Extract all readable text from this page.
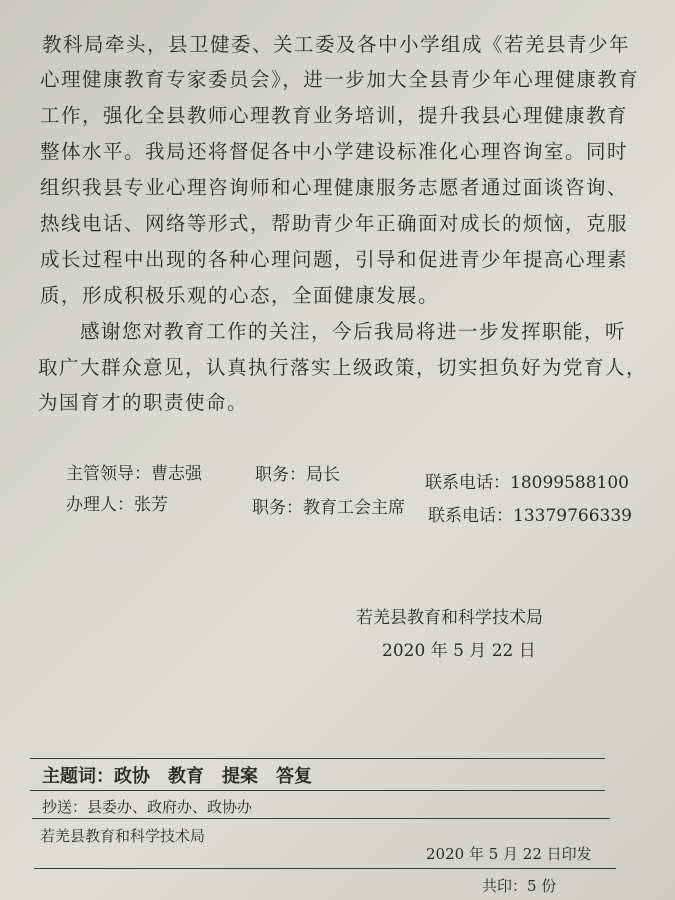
教科局牵头，县卫健委、关工委及各中小学组成《若羌县青少年
心理健康教育专家委员会》，进一步加大全县青少年心理健康教育
工作，强化全县教师心理教育业务培训，提升我县心理健康教育
整体水平。我局还将督促各中小学建设标准化心理咨询室。同时
组织我县专业心理咨询师和心理健康服务志愿者通过面谈咨询、
热线电话、网络等形式，帮助青少年正确面对成长的烦恼，克服
成长过程中出现的各种心理问题，引导和促进青少年提高心理素
质，形成积极乐观的心态，全面健康发展。
感谢您对教育工作的关注，今后我局将进一步发挥职能，听
取广大群众意见，认真执行落实上级政策，切实担负好为党育人，
为国育才的职责使命。
主管领导：曹志强	职务：局长	联系电话：18099588100
办理人：张芳	职务：教育工会主席 联系电话：13379766339
若羌县教育和科学技术局
2020 年 5 月 22 日
主题词：政协　教育　提案　答复
抄送：县委办、政府办、政协办
若羌县教育和科学技术局
2020 年 5 月 22 日印发
共印：5 份
